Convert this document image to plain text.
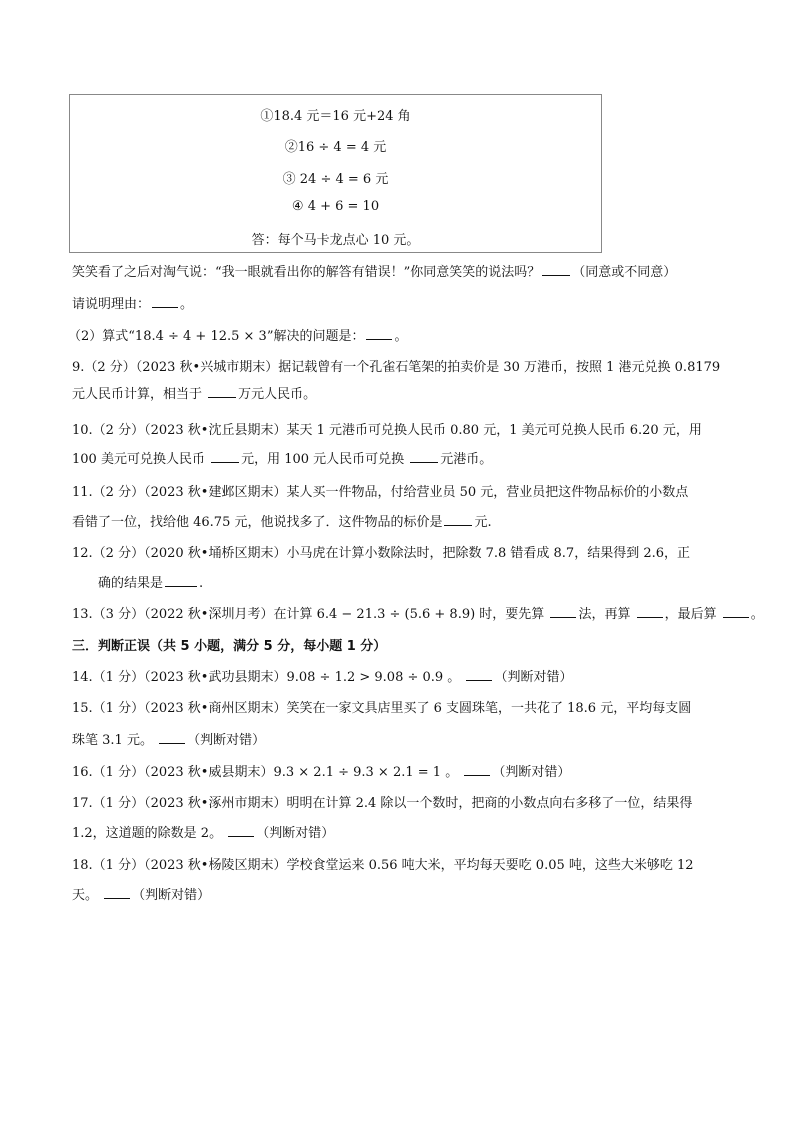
①18.4 元＝16 元+24 角
②16 ÷ 4 = 4 元
③ 24 ÷ 4 = 6 元
④ 4 + 6 = 10
答：每个马卡龙点心 10 元。
笑笑看了之后对淘气说：“我一眼就看出你的解答有错误！”你同意笑笑的说法吗？ （同意或不同意）
请说明理由： 。
（2）算式“18.4 ÷ 4 + 12.5 × 3”解决的问题是： 。
9.（2 分）（2023 秋•兴城市期末）据记载曾有一个孔雀石笔架的拍卖价是 30 万港币，按照 1 港元兑换 0.8179
元人民币计算，相当于 万元人民币。
10.（2 分）（2023 秋•沈丘县期末）某天 1 元港币可兑换人民币 0.80 元，1 美元可兑换人民币 6.20 元，用
100 美元可兑换人民币 元，用 100 元人民币可兑换 元港币。
11.（2 分）（2023 秋•建邺区期末）某人买一件物品，付给营业员 50 元，营业员把这件物品标价的小数点
看错了一位，找给他 46.75 元，他说找多了．这件物品的标价是 元.
12.（2 分）（2020 秋•埇桥区期末）小马虎在计算小数除法时，把除数 7.8 错看成 8.7，结果得到 2.6，正
确的结果是	.
13.（3 分）（2022 秋•深圳月考）在计算 6.4 − 21.3 ÷ (5.6 + 8.9) 时，要先算 法，再算 ，最后算 。
三．判断正误（共 5 小题，满分 5 分，每小题 1 分）
14.（1 分）（2023 秋•武功县期末）9.08 ÷ 1.2 > 9.08 ÷ 0.9 。 （判断对错）
15.（1 分）（2023 秋•商州区期末）笑笑在一家文具店里买了 6 支圆珠笔，一共花了 18.6 元，平均每支圆
珠笔 3.1 元。 （判断对错）
16.（1 分）（2023 秋•威县期末）9.3 × 2.1 ÷ 9.3 × 2.1 = 1 。 （判断对错）
17.（1 分）（2023 秋•涿州市期末）明明在计算 2.4 除以一个数时，把商的小数点向右多移了一位，结果得
1.2，这道题的除数是 2。 （判断对错）
18.（1 分）（2023 秋•杨陵区期末）学校食堂运来 0.56 吨大米，平均每天要吃 0.05 吨，这些大米够吃 12
天。 （判断对错）
